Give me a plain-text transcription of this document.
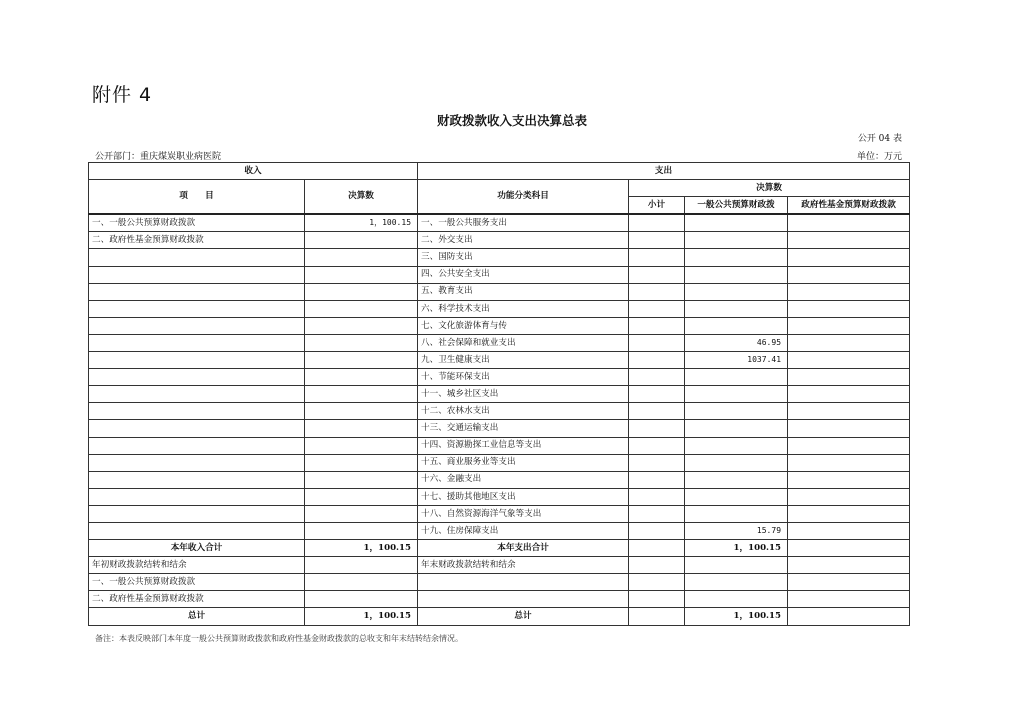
附件 4
财政拨款收入支出决算总表
公开 04 表
公开部门：重庆煤炭职业病医院	单位：万元
收入		支出			
项　　目	决算数	功能分类科目	决算数		
			小计	一般公共预算财政拨	政府性基金预算财政拨款
一、一般公共预算财政拨款	1，100.15	一、一般公共服务支出			
二、政府性基金预算财政拨款		二、外交支出			
		三、国防支出			
		四、公共安全支出			
		五、教育支出			
		六、科学技术支出			
		七、文化旅游体育与传			
		八、社会保障和就业支出		46.95	
		九、卫生健康支出		1037.41	
		十、节能环保支出			
		十一、城乡社区支出			
		十二、农林水支出			
		十三、交通运输支出			
		十四、资源勘探工业信息等支出			
		十五、商业服务业等支出			
		十六、金融支出			
		十七、援助其他地区支出			
		十八、自然资源海洋气象等支出			
		十九、住房保障支出		15.79	
本年收入合计	1，100.15	本年支出合计		1，100.15	
年初财政拨款结转和结余		年末财政拨款结转和结余			
一、一般公共预算财政拨款					
二、政府性基金预算财政拨款					
总计	1，100.15	总计		1，100.15	
备注：本表反映部门本年度一般公共预算财政拨款和政府性基金财政拨款的总收支和年末结转结余情况。
